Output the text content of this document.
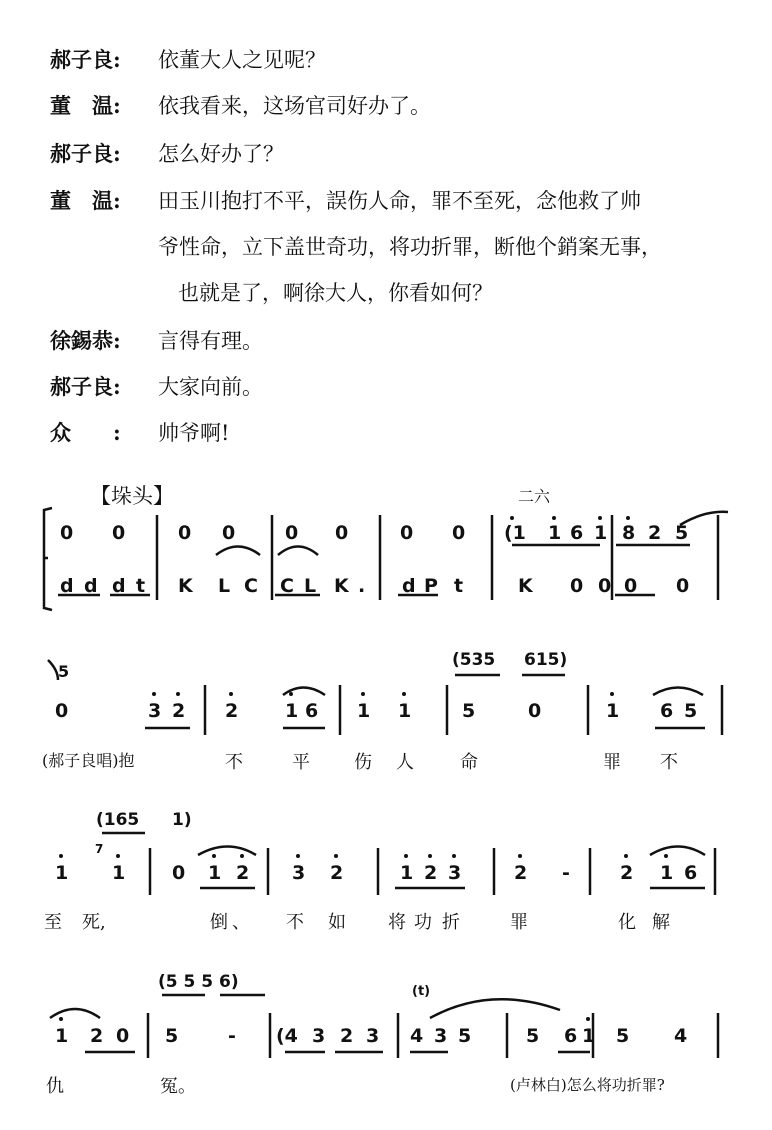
郝子良: 依董大人之见呢？
董　温: 依我看来，这场官司好办了。
郝子良: 怎么好办了？
董　温: 田玉川抱打不平，誤伤人命，罪不至死，念他救了帅
爷性命，立下盖世奇功，将功折罪，断他个銷案无事，
也就是了，啊徐大人，你看如何？
徐錫恭: 言得有理。
郝子良: 大家向前。
众　　: 帅爷啊!
【垛头】	二六
0 0	0 0	0 0	0 0 (1 1 6 1 8 2 5
d d d t K L C C L K . d P t	K 0 0 0 0
5
(535 615)
0	3 2 2 1 6 1 1	5	0	1 6 5
(郝子良唱)抱	不	平 伤 人	命	罪 不
(165 1)
7
1 1 0 1 2 3 2	1 2 3	2 -	2 1 6
至 死,	倒 、 不 如 将 功 折	罪	化 解
(5 5 5 6)	(t)
1 2 0 5	- (4 3 2 3 4 3 5	5 6 1 5 4
仇	冤。	(卢林白)怎么将功折罪?
